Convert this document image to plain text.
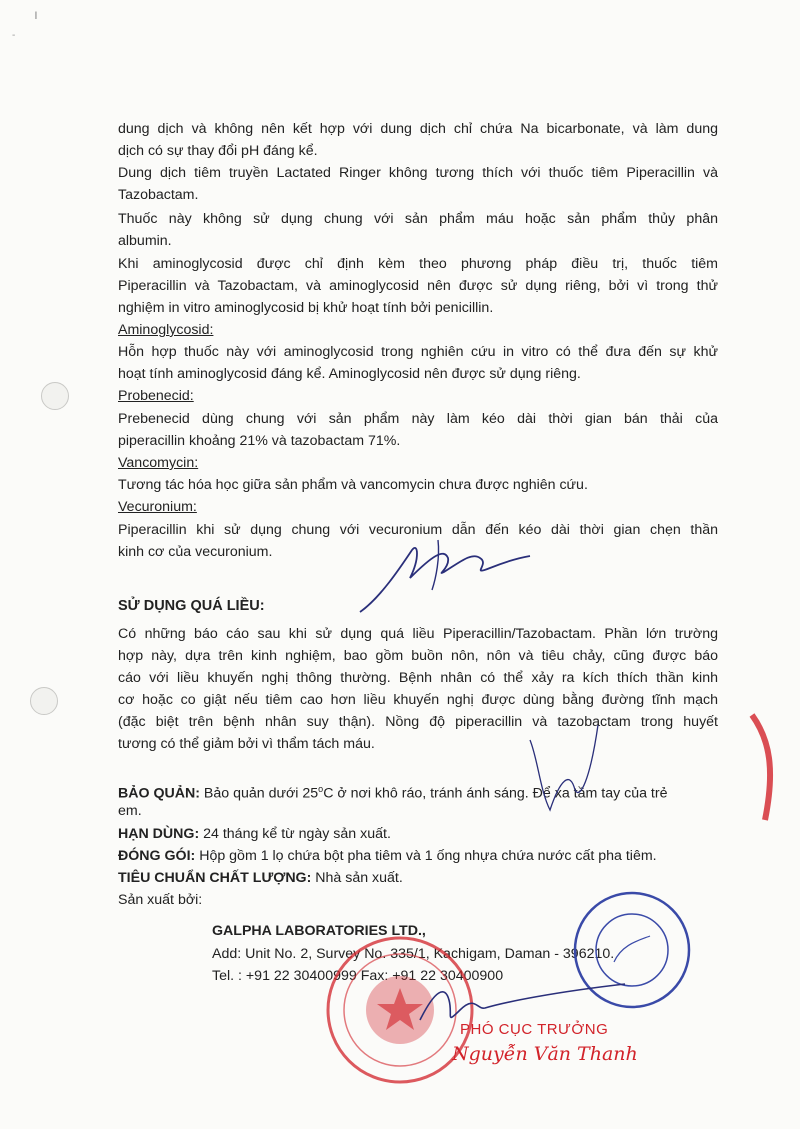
ı
-

dung dịch và không nên kết hợp với dung dịch chỉ chứa Na bicarbonate, và làm dung

dịch có sự thay đổi pH đáng kể.

Dung dịch tiêm truyền Lactated Ringer không tương thích với thuốc tiêm Piperacillin và

Tazobactam.

Thuốc này không sử dụng chung với sản phẩm máu hoặc sản phẩm thủy phân

albumin.

Khi aminoglycosid được chỉ định kèm theo phương pháp điều trị, thuốc tiêm

Piperacillin và Tazobactam, và aminoglycosid nên được sử dụng riêng, bởi vì trong thử

nghiệm in vitro aminoglycosid bị khử hoạt tính bởi penicillin.

Aminoglycosid:

Hỗn hợp thuốc này với aminoglycosid trong nghiên cứu in vitro có thể đưa đến sự khử

hoạt tính aminoglycosid đáng kể. Aminoglycosid nên được sử dụng riêng.

Probenecid:

Prebenecid dùng chung với sản phẩm này làm kéo dài thời gian bán thải của

piperacillin khoảng 21% và tazobactam 71%.

Vancomycin:

Tương tác hóa học giữa sản phẩm và vancomycin chưa được nghiên cứu.

Vecuronium:

Piperacillin khi sử dụng chung với vecuronium dẫn đến kéo dài thời gian chẹn thần

kinh cơ của vecuronium.

SỬ DỤNG QUÁ LIỀU:

Có những báo cáo sau khi sử dụng quá liều Piperacillin/Tazobactam. Phần lớn trường

hợp này, dựa trên kinh nghiệm, bao gồm buồn nôn, nôn và tiêu chảy, cũng được báo

cáo với liều khuyến nghị thông thường. Bệnh nhân có thể xảy ra kích thích thần kinh

cơ hoặc co giật nếu tiêm cao hơn liều khuyến nghị được dùng bằng đường tĩnh mạch

(đặc biệt trên bệnh nhân suy thận). Nồng độ piperacillin và tazobactam trong huyết

tương có thể giảm bởi vì thẩm tách máu.

BẢO QUẢN: Bảo quản dưới 25$^o$C ở nơi khô ráo, tránh ánh sáng. Để xa tầm tay của trẻ

em.

HẠN DÙNG: 24 tháng kể từ ngày sản xuất.

ĐÓNG GÓI: Hộp gồm 1 lọ chứa bột pha tiêm và 1 ống nhựa chứa nước cất pha tiêm.

TIÊU CHUẨN CHẤT LƯỢNG: Nhà sản xuất.

Sản xuất bởi:

GALPHA LABORATORIES LTD.,

Add: Unit No. 2, Survey No. 335/1, Kachigam, Daman - 396210.

Tel. : +91 22 30400999 Fax: +91 22 30400900

PHÓ CỤC TRƯỞNG

Nguyễn Văn Thanh
